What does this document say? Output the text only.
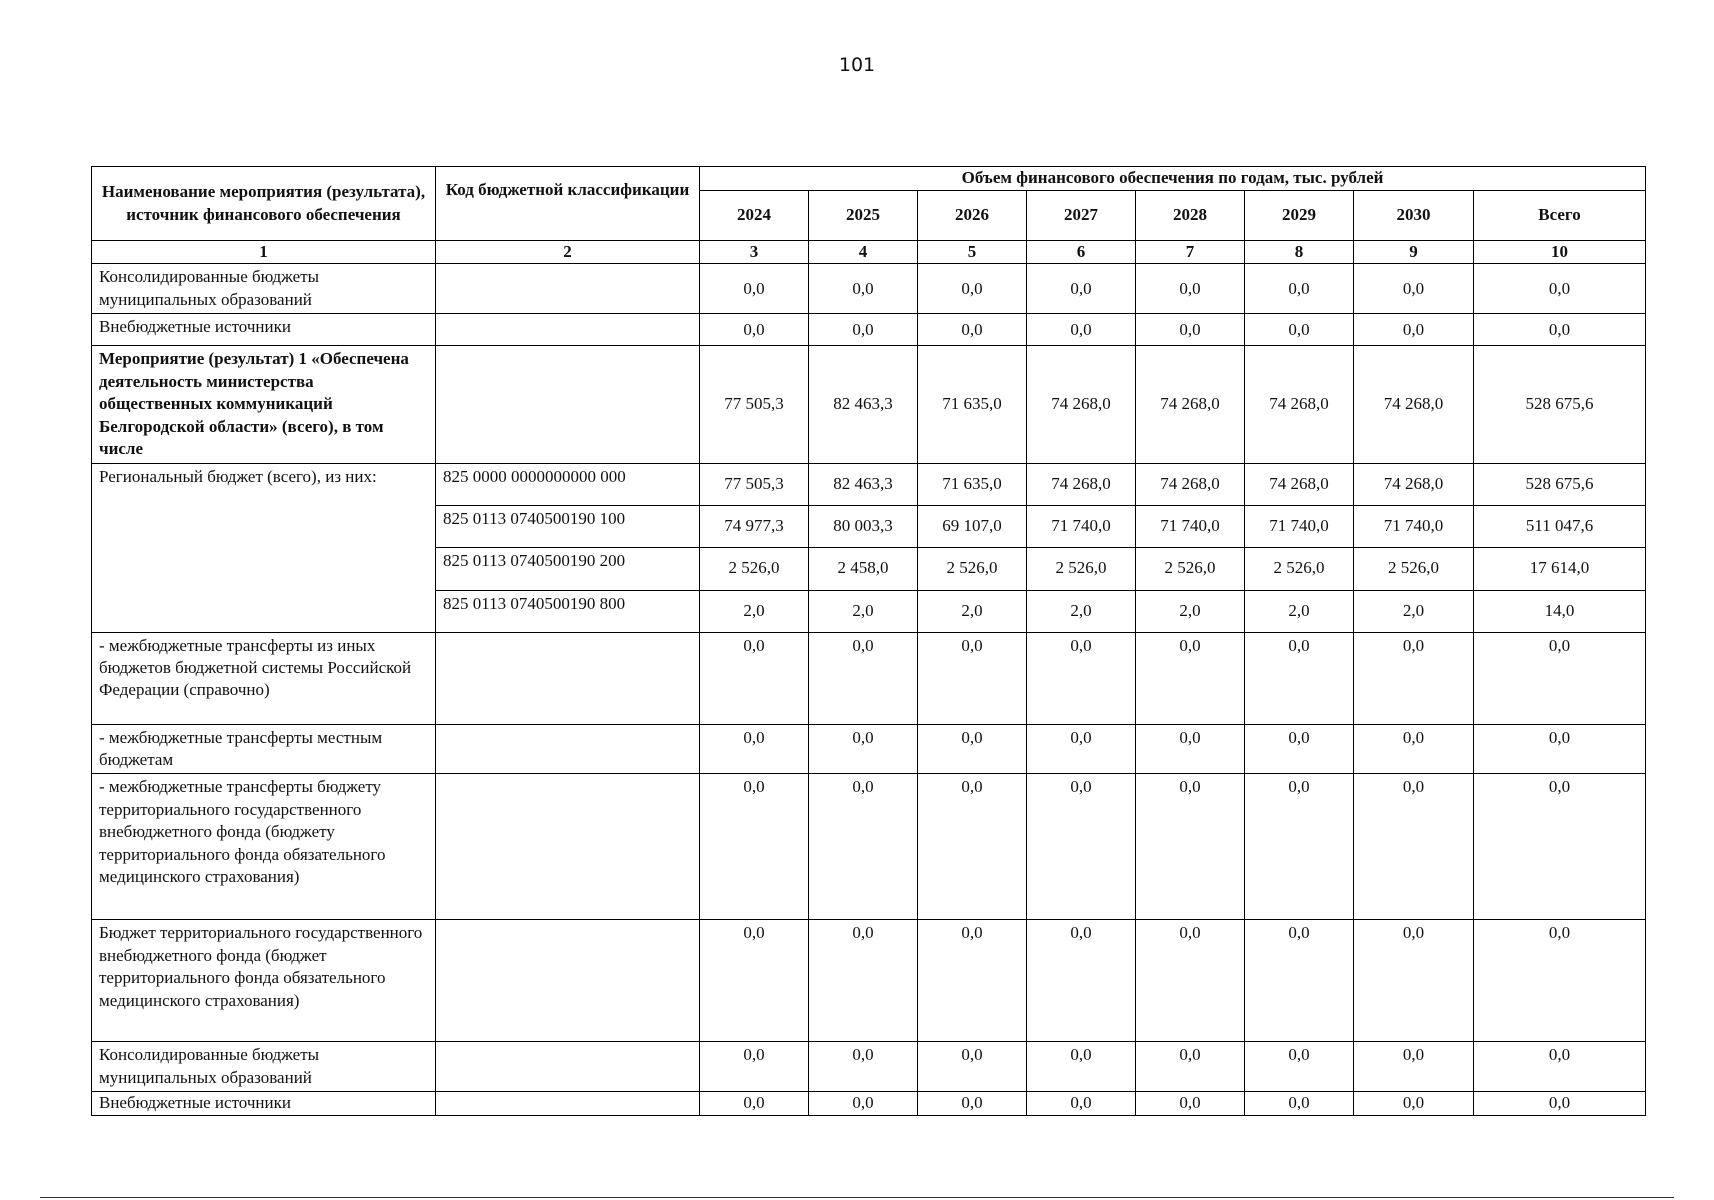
101
Наименование мероприятия (результата), источник финансового обеспечения	Код бюджетной классификации	Объем финансового обеспечения по годам, тыс. рублей							
		2024	2025	2026	2027	2028	2029	2030	Всего
1	2	3	4	5	6	7	8	9	10
Консолидированные бюджеты муниципальных образований		0,0	0,0	0,0	0,0	0,0	0,0	0,0	0,0
Внебюджетные источники		0,0	0,0	0,0	0,0	0,0	0,0	0,0	0,0
Мероприятие (результат) 1 «Обеспечена деятельность министерства общественных коммуникаций Белгородской области» (всего), в том числе		77 505,3	82 463,3	71 635,0	74 268,0	74 268,0	74 268,0	74 268,0	528 675,6
Региональный бюджет (всего), из них:	825 0000 0000000000 000	77 505,3	82 463,3	71 635,0	74 268,0	74 268,0	74 268,0	74 268,0	528 675,6
	825 0113 0740500190 100	74 977,3	80 003,3	69 107,0	71 740,0	71 740,0	71 740,0	71 740,0	511 047,6
	825 0113 0740500190 200	2 526,0	2 458,0	2 526,0	2 526,0	2 526,0	2 526,0	2 526,0	17 614,0
	825 0113 0740500190 800	2,0	2,0	2,0	2,0	2,0	2,0	2,0	14,0
- межбюджетные трансферты из иных бюджетов бюджетной системы Российской Федерации (справочно)		0,0	0,0	0,0	0,0	0,0	0,0	0,0	0,0
- межбюджетные трансферты местным бюджетам		0,0	0,0	0,0	0,0	0,0	0,0	0,0	0,0
- межбюджетные трансферты бюджету территориального государственного внебюджетного фонда (бюджету территориального фонда обязательного медицинского страхования)		0,0	0,0	0,0	0,0	0,0	0,0	0,0	0,0
Бюджет территориального государственного внебюджетного фонда (бюджет территориального фонда обязательного медицинского страхования)		0,0	0,0	0,0	0,0	0,0	0,0	0,0	0,0
Консолидированные бюджеты муниципальных образований		0,0	0,0	0,0	0,0	0,0	0,0	0,0	0,0
Внебюджетные источники		0,0	0,0	0,0	0,0	0,0	0,0	0,0	0,0
